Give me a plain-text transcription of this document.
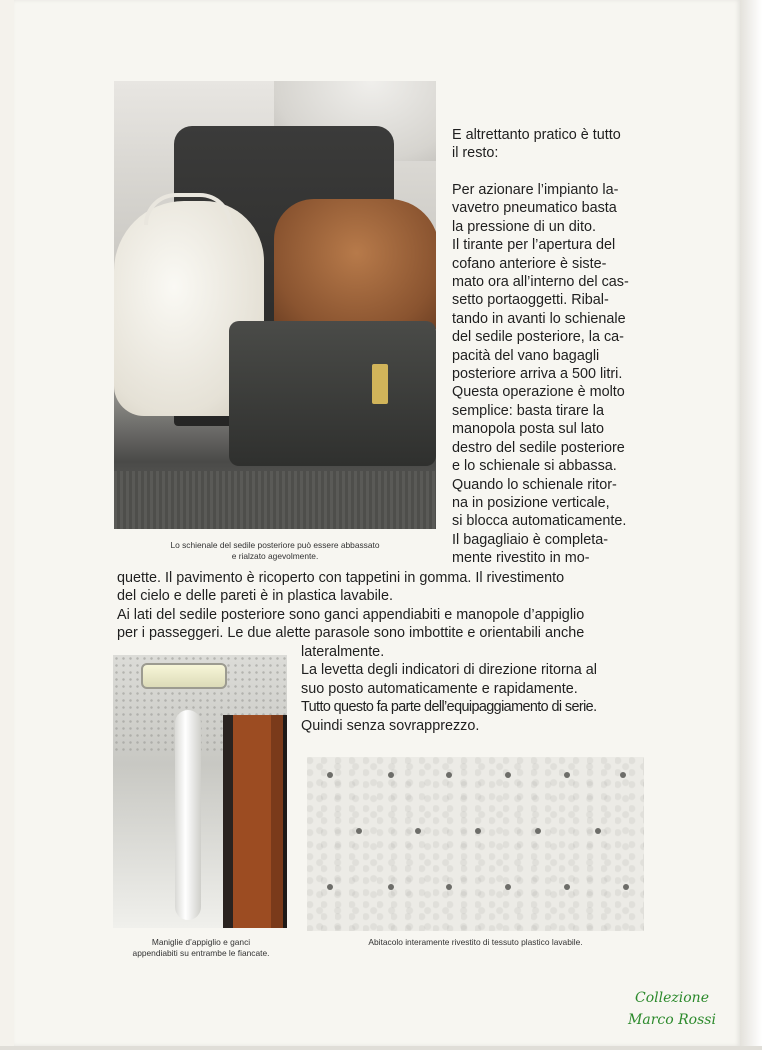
Lo schienale del sedile posteriore può essere abbassato
e rialzato agevolmente.

E altrettanto pratico è tutto
il resto:

Per azionare l’impianto la-
vavetro pneumatico basta
la pressione di un dito.
Il tirante per l’apertura del
cofano anteriore è siste-
mato ora all’interno del cas-
setto portaoggetti. Ribal-
tando in avanti lo schienale
del sedile posteriore, la ca-
pacità del vano bagagli
posteriore arriva a 500 litri.
Questa operazione è molto
semplice: basta tirare la
manopola posta sul lato
destro del sedile posteriore
e lo schienale si abbassa.
Quando lo schienale ritor-
na in posizione verticale,
si blocca automaticamente.
Il bagagliaio è completa-
mente rivestito in mo-
quette. Il pavimento è ricoperto con tappetini in gomma. Il rivestimento
del cielo e delle pareti è in plastica lavabile.
Ai lati del sedile posteriore sono ganci appendiabiti e manopole d’appiglio
per i passeggeri. Le due alette parasole sono imbottite e orientabili anche
lateralmente.
La levetta degli indicatori di direzione ritorna al
suo posto automaticamente e rapidamente.
Tutto questo fa parte dell’equipaggiamento di serie.
Quindi senza sovrapprezzo.

Maniglie d’appiglio e ganci
appendiabiti su entrambe le fiancate.

Abitacolo interamente rivestito di tessuto plastico lavabile.

Collezione
Marco Rossi
